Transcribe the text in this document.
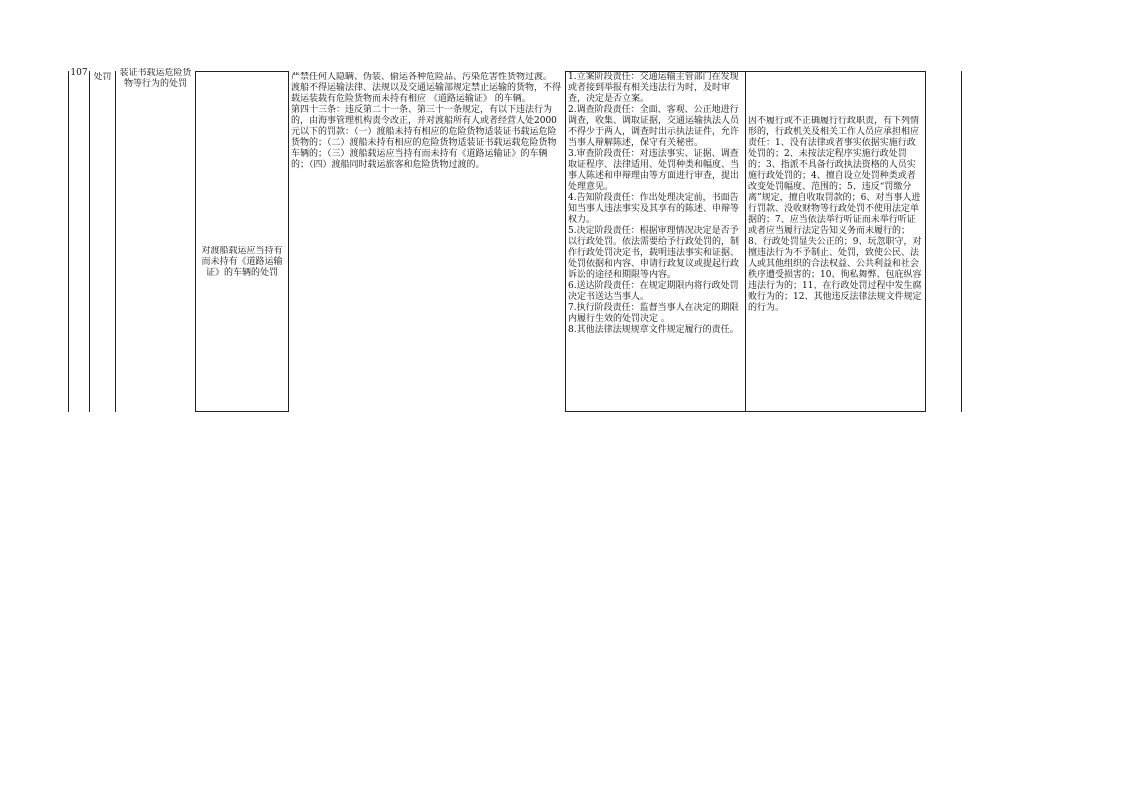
107 处罚 装证书载运危险货物等行为的处罚
对渡船载运应当持有而未持有《道路运输证》的车辆的处罚
严禁任何人隐瞒、伪装、偷运各种危险品、污染危害性货物过渡。
渡船不得运输法律、法规以及交通运输部规定禁止运输的货物，不得载运装载有危险货物而未持有相应 《道路运输证》 的车辆。
第四十三条：违反第二十一条、第三十一条规定，有以下违法行为的，由海事管理机构责令改正，并对渡船所有人或者经营人处2000元以下的罚款：（一）渡船未持有相应的危险货物适装证书载运危险货物的；（二）渡船未持有相应的危险货物适装证书载运载危险货物车辆的；（三）渡船载运应当持有而未持有《道路运输证》的车辆的；（四）渡船同时载运旅客和危险货物过渡的。
1.立案阶段责任：交通运输主管部门在发现或者接到举报有相关违法行为时，及时审查，决定是否立案。
2.调查阶段责任：全面、客观、公正地进行调查，收集、调取证据，交通运输执法人员不得少于两人，调查时出示执法证件，允许当事人辩解陈述，保守有关秘密。
3.审查阶段责任：对违法事实、证据、调查取证程序、法律适用、处罚种类和幅度、当事人陈述和申辩理由等方面进行审查，提出处理意见。
4.告知阶段责任：作出处理决定前，书面告知当事人违法事实及其享有的陈述、申辩等权力。
5.决定阶段责任：根据审理情况决定是否予以行政处罚。依法需要给予行政处罚的，制作行政处罚决定书，载明违法事实和证据、处罚依据和内容、申请行政复议或提起行政诉讼的途径和期限等内容。
6.送达阶段责任：在规定期限内将行政处罚决定书送达当事人。
7.执行阶段责任：监督当事人在决定的期限内履行生效的处罚决定 。
8.其他法律法规规章文件规定履行的责任。
因不履行或不正确履行行政职责，有下列情形的，行政机关及相关工作人员应承担相应责任：1、没有法律或者事实依据实施行政处罚的；2、未按法定程序实施行政处罚的；3、指派不具备行政执法资格的人员实施行政处罚的；4、擅自设立处罚种类或者改变处罚幅度、范围的；5、违反“罚缴分离”规定，擅自收取罚款的；6、对当事人进行罚款、没收财物等行政处罚不使用法定单据的；7、应当依法举行听证而未举行听证或者应当履行法定告知义务而未履行的；8、行政处罚显失公正的；9、玩忽职守，对擅违法行为不予制止、处罚，致使公民、法人或其他组织的合法权益、公共利益和社会秩序遭受损害的；10、徇私舞弊、包庇纵容违法行为的；11、在行政处罚过程中发生腐败行为的；12、其他违反法律法规文件规定的行为。
